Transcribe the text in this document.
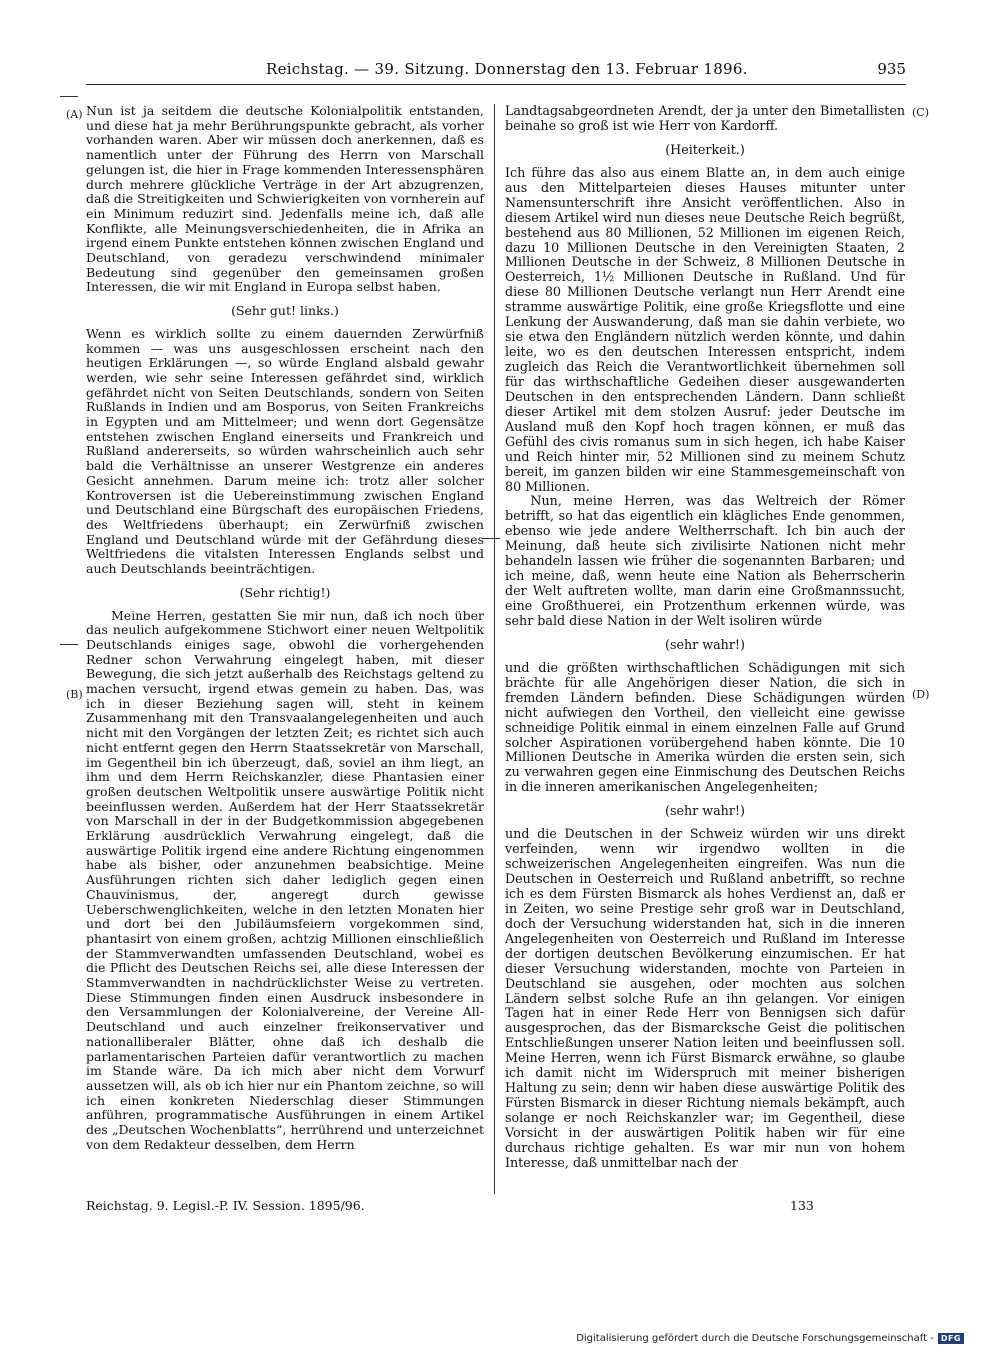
Reichstag. — 39. Sitzung. Donnerstag den 13. Februar 1896.	935
(A)
(B)
(C)
(D)

Nun ist ja seitdem die deutsche Kolonialpolitik entstanden, und diese hat ja mehr Berührungspunkte gebracht, als vorher vorhanden waren. Aber wir müssen doch anerkennen, daß es namentlich unter der Führung des Herrn von Marschall gelungen ist, die hier in Frage kommenden Interessensphären durch mehrere glückliche Verträge in der Art abzugrenzen, daß die Streitigkeiten und Schwierigkeiten von vornherein auf ein Minimum reduzirt sind. Jedenfalls meine ich, daß alle Konflikte, alle Meinungsverschiedenheiten, die in Afrika an irgend einem Punkte entstehen können zwischen England und Deutschland, von geradezu verschwindend minimaler Bedeutung sind gegenüber den gemeinsamen großen Interessen, die wir mit England in Europa selbst haben.

(Sehr gut! links.)

Wenn es wirklich sollte zu einem dauernden Zerwürfniß kommen — was uns ausgeschlossen erscheint nach den heutigen Erklärungen —, so würde England alsbald gewahr werden, wie sehr seine Interessen gefährdet sind, wirklich gefährdet nicht von Seiten Deutschlands, sondern von Seiten Rußlands in Indien und am Bosporus, von Seiten Frankreichs in Egypten und am Mittelmeer; und wenn dort Gegensätze entstehen zwischen England einerseits und Frankreich und Rußland andererseits, so würden wahrscheinlich auch sehr bald die Verhältnisse an unserer Westgrenze ein anderes Gesicht annehmen. Darum meine ich: trotz aller solcher Kontroversen ist die Uebereinstimmung zwischen England und Deutschland eine Bürgschaft des europäischen Friedens, des Weltfriedens überhaupt; ein Zerwürfniß zwischen England und Deutschland würde mit der Gefährdung dieses Weltfriedens die vitalsten Interessen Englands selbst und auch Deutschlands beeinträchtigen.

(Sehr richtig!)

Meine Herren, gestatten Sie mir nun, daß ich noch über das neulich aufgekommene Stichwort einer neuen Weltpolitik Deutschlands einiges sage, obwohl die vorhergehenden Redner schon Verwahrung eingelegt haben, mit dieser Bewegung, die sich jetzt außerhalb des Reichstags geltend zu machen versucht, irgend etwas gemein zu haben. Das, was ich in dieser Beziehung sagen will, steht in keinem Zusammenhang mit den Transvaalangelegenheiten und auch nicht mit den Vorgängen der letzten Zeit; es richtet sich auch nicht entfernt gegen den Herrn Staatssekretär von Marschall, im Gegentheil bin ich überzeugt, daß, soviel an ihm liegt, an ihm und dem Herrn Reichskanzler, diese Phantasien einer großen deutschen Weltpolitik unsere auswärtige Politik nicht beeinflussen werden. Außerdem hat der Herr Staatssekretär von Marschall in der in der Budgetkommission abgegebenen Erklärung ausdrücklich Verwahrung eingelegt, daß die auswärtige Politik irgend eine andere Richtung eingenommen habe als bisher, oder anzunehmen beabsichtige. Meine Ausführungen richten sich daher lediglich gegen einen Chauvinismus, der, angeregt durch gewisse Ueberschwenglichkeiten, welche in den letzten Monaten hier und dort bei den Jubiläumsfeiern vorgekommen sind, phantasirt von einem großen, achtzig Millionen einschließlich der Stammverwandten umfassenden Deutschland, wobei es die Pflicht des Deutschen Reichs sei, alle diese Interessen der Stammverwandten in nachdrücklichster Weise zu vertreten. Diese Stimmungen finden einen Ausdruck insbesondere in den Versammlungen der Kolonialvereine, der Vereine All-Deutschland und auch einzelner freikonservativer und nationalliberaler Blätter, ohne daß ich deshalb die parlamentarischen Parteien dafür verantwortlich zu machen im Stande wäre. Da ich mich aber nicht dem Vorwurf aussetzen will, als ob ich hier nur ein Phantom zeichne, so will ich einen konkreten Niederschlag dieser Stimmungen anführen, programmatische Ausführungen in einem Artikel des „Deutschen Wochenblatts“, herrührend und unterzeichnet von dem Redakteur desselben, dem Herrn

Landtagsabgeordneten Arendt, der ja unter den Bimetallisten beinahe so groß ist wie Herr von Kardorff.

(Heiterkeit.)

Ich führe das also aus einem Blatte an, in dem auch einige aus den Mittelparteien dieses Hauses mitunter unter Namensunterschrift ihre Ansicht veröffentlichen. Also in diesem Artikel wird nun dieses neue Deutsche Reich begrüßt, bestehend aus 80 Millionen, 52 Millionen im eigenen Reich, dazu 10 Millionen Deutsche in den Vereinigten Staaten, 2 Millionen Deutsche in der Schweiz, 8 Millionen Deutsche in Oesterreich, 1½ Millionen Deutsche in Rußland. Und für diese 80 Millionen Deutsche verlangt nun Herr Arendt eine stramme auswärtige Politik, eine große Kriegsflotte und eine Lenkung der Auswanderung, daß man sie dahin verbiete, wo sie etwa den Engländern nützlich werden könnte, und dahin leite, wo es den deutschen Interessen entspricht, indem zugleich das Reich die Verantwortlichkeit übernehmen soll für das wirthschaftliche Gedeihen dieser ausgewanderten Deutschen in den entsprechenden Ländern. Dann schließt dieser Artikel mit dem stolzen Ausruf: jeder Deutsche im Ausland muß den Kopf hoch tragen können, er muß das Gefühl des civis romanus sum in sich hegen, ich habe Kaiser und Reich hinter mir, 52 Millionen sind zu meinem Schutz bereit, im ganzen bilden wir eine Stammesgemeinschaft von 80 Millionen.

Nun, meine Herren, was das Weltreich der Römer betrifft, so hat das eigentlich ein klägliches Ende genommen, ebenso wie jede andere Weltherrschaft. Ich bin auch der Meinung, daß heute sich zivilisirte Nationen nicht mehr behandeln lassen wie früher die sogenannten Barbaren; und ich meine, daß, wenn heute eine Nation als Beherrscherin der Welt auftreten wollte, man darin eine Großmannssucht, eine Großthuerei, ein Protzenthum erkennen würde, was sehr bald diese Nation in der Welt isoliren würde

(sehr wahr!)

und die größten wirthschaftlichen Schädigungen mit sich brächte für alle Angehörigen dieser Nation, die sich in fremden Ländern befinden. Diese Schädigungen würden nicht aufwiegen den Vortheil, den vielleicht eine gewisse schneidige Politik einmal in einem einzelnen Falle auf Grund solcher Aspirationen vorübergehend haben könnte. Die 10 Millionen Deutsche in Amerika würden die ersten sein, sich zu verwahren gegen eine Einmischung des Deutschen Reichs in die inneren amerikanischen Angelegenheiten;

(sehr wahr!)

und die Deutschen in der Schweiz würden wir uns direkt verfeinden, wenn wir irgendwo wollten in die schweizerischen Angelegenheiten eingreifen. Was nun die Deutschen in Oesterreich und Rußland anbetrifft, so rechne ich es dem Fürsten Bismarck als hohes Verdienst an, daß er in Zeiten, wo seine Prestige sehr groß war in Deutschland, doch der Versuchung widerstanden hat, sich in die inneren Angelegenheiten von Oesterreich und Rußland im Interesse der dortigen deutschen Bevölkerung einzumischen. Er hat dieser Versuchung widerstanden, mochte von Parteien in Deutschland sie ausgehen, oder mochten aus solchen Ländern selbst solche Rufe an ihn gelangen. Vor einigen Tagen hat in einer Rede Herr von Bennigsen sich dafür ausgesprochen, das der Bismarcksche Geist die politischen Entschließungen unserer Nation leiten und beeinflussen soll. Meine Herren, wenn ich Fürst Bismarck erwähne, so glaube ich damit nicht im Widerspruch mit meiner bisherigen Haltung zu sein; denn wir haben diese auswärtige Politik des Fürsten Bismarck in dieser Richtung niemals bekämpft, auch solange er noch Reichskanzler war; im Gegentheil, diese Vorsicht in der auswärtigen Politik haben wir für eine durchaus richtige gehalten. Es war mir nun von hohem Interesse, daß unmittelbar nach der

Reichstag. 9. Legisl.-P. IV. Session. 1895/96.	133
Digitalisierung gefördert durch die Deutsche Forschungsgemeinschaft - DFG
